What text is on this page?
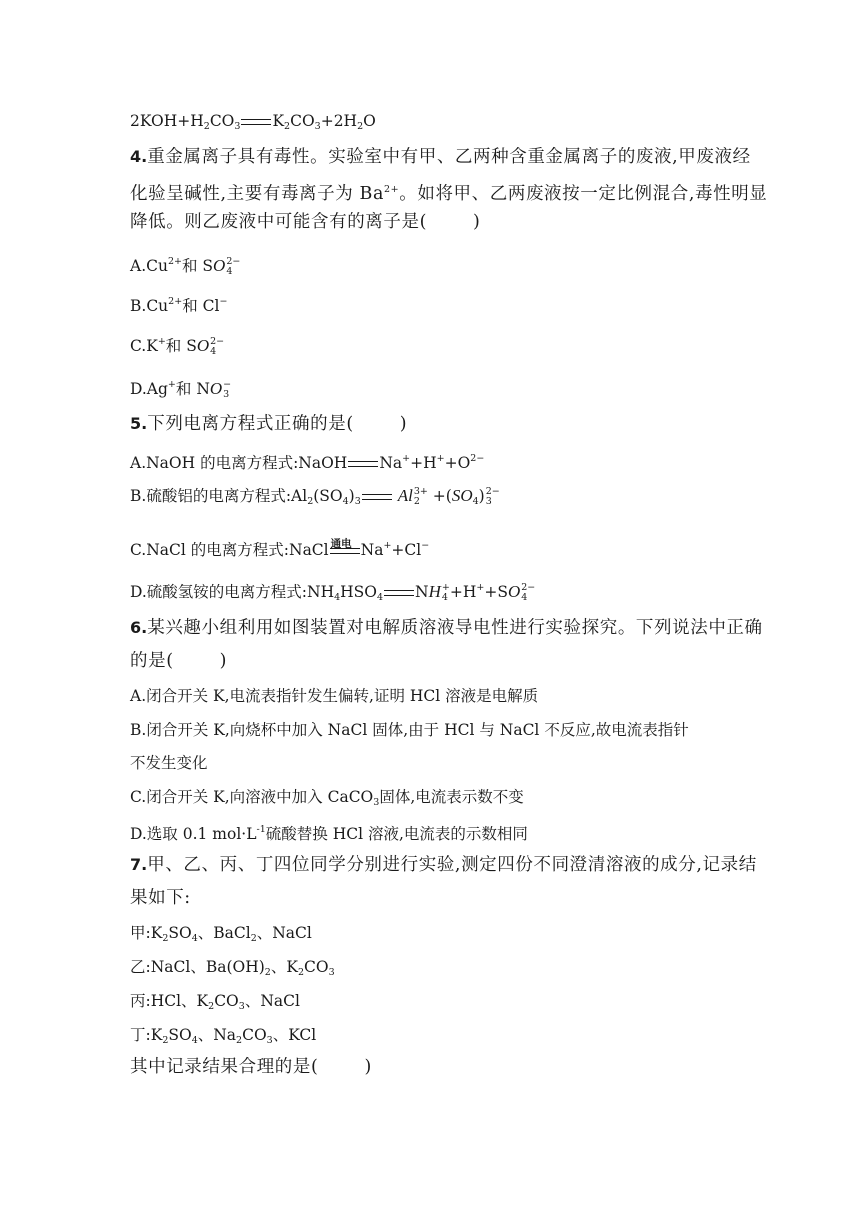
$2KOH+H_2CO_3$ $K_2CO_3+2H_2O$
4.重金属离子具有毒性。实验室中有甲、乙两种含重金属离子的废液,甲废液经
化验呈碱性,主要有毒离子为 $Ba^{2+}$。如将甲、乙两废液按一定比例混合,毒性明显
降低。则乙废液中可能含有的离子是(	)
$A.Cu^{2+}$和 SO 2−
4
$B.Cu^{2+}$和 Cl−
C.K+和 SO 2−
4
D.Ag+和 NO −
3
5.下列电离方程式正确的是(	)
A.NaOH 的电离方程式:NaOH $Na^++H^++O^{2-}$
B.硫酸铝的电离方程式$:Al_2(SO_4)_3$ Al 3+
$2 +(SO_4)$ 2−
3
C.NaCl 的电离方程式:NaCl 通电 Na++Cl−
D.硫酸氢铵的电离方程式$:NH_4HSO_4$ NH +
4 +H++SO 2−
4
6.某兴趣小组利用如图装置对电解质溶液导电性进行实验探究。下列说法中正确
的是(	)
A.闭合开关 K,电流表指针发生偏转,证明 HCl 溶液是电解质
B.闭合开关 K,向烧杯中加入 NaCl 固体,由于 HCl 与 NaCl 不反应,故电流表指针
不发生变化
C.闭合开关 K,向溶液中加入 CaCO$_3$固体,电流表示数不变
D.选取 0.1 $mol\cdot L^{-1}$硫酸替换 HCl 溶液,电流表的示数相同
7.甲、乙、丙、丁四位同学分别进行实验,测定四份不同澄清溶液的成分,记录结
果如下:
甲$:K_2SO_4$、BaCl$_2$、NaCl
乙:NaCl、$Ba(OH)_2$、$K_2CO_3$
丙:HCl、$K_2CO_3$、NaCl
丁$:K_2SO_4$、$Na_2CO_3$、KCl
其中记录结果合理的是(	)
